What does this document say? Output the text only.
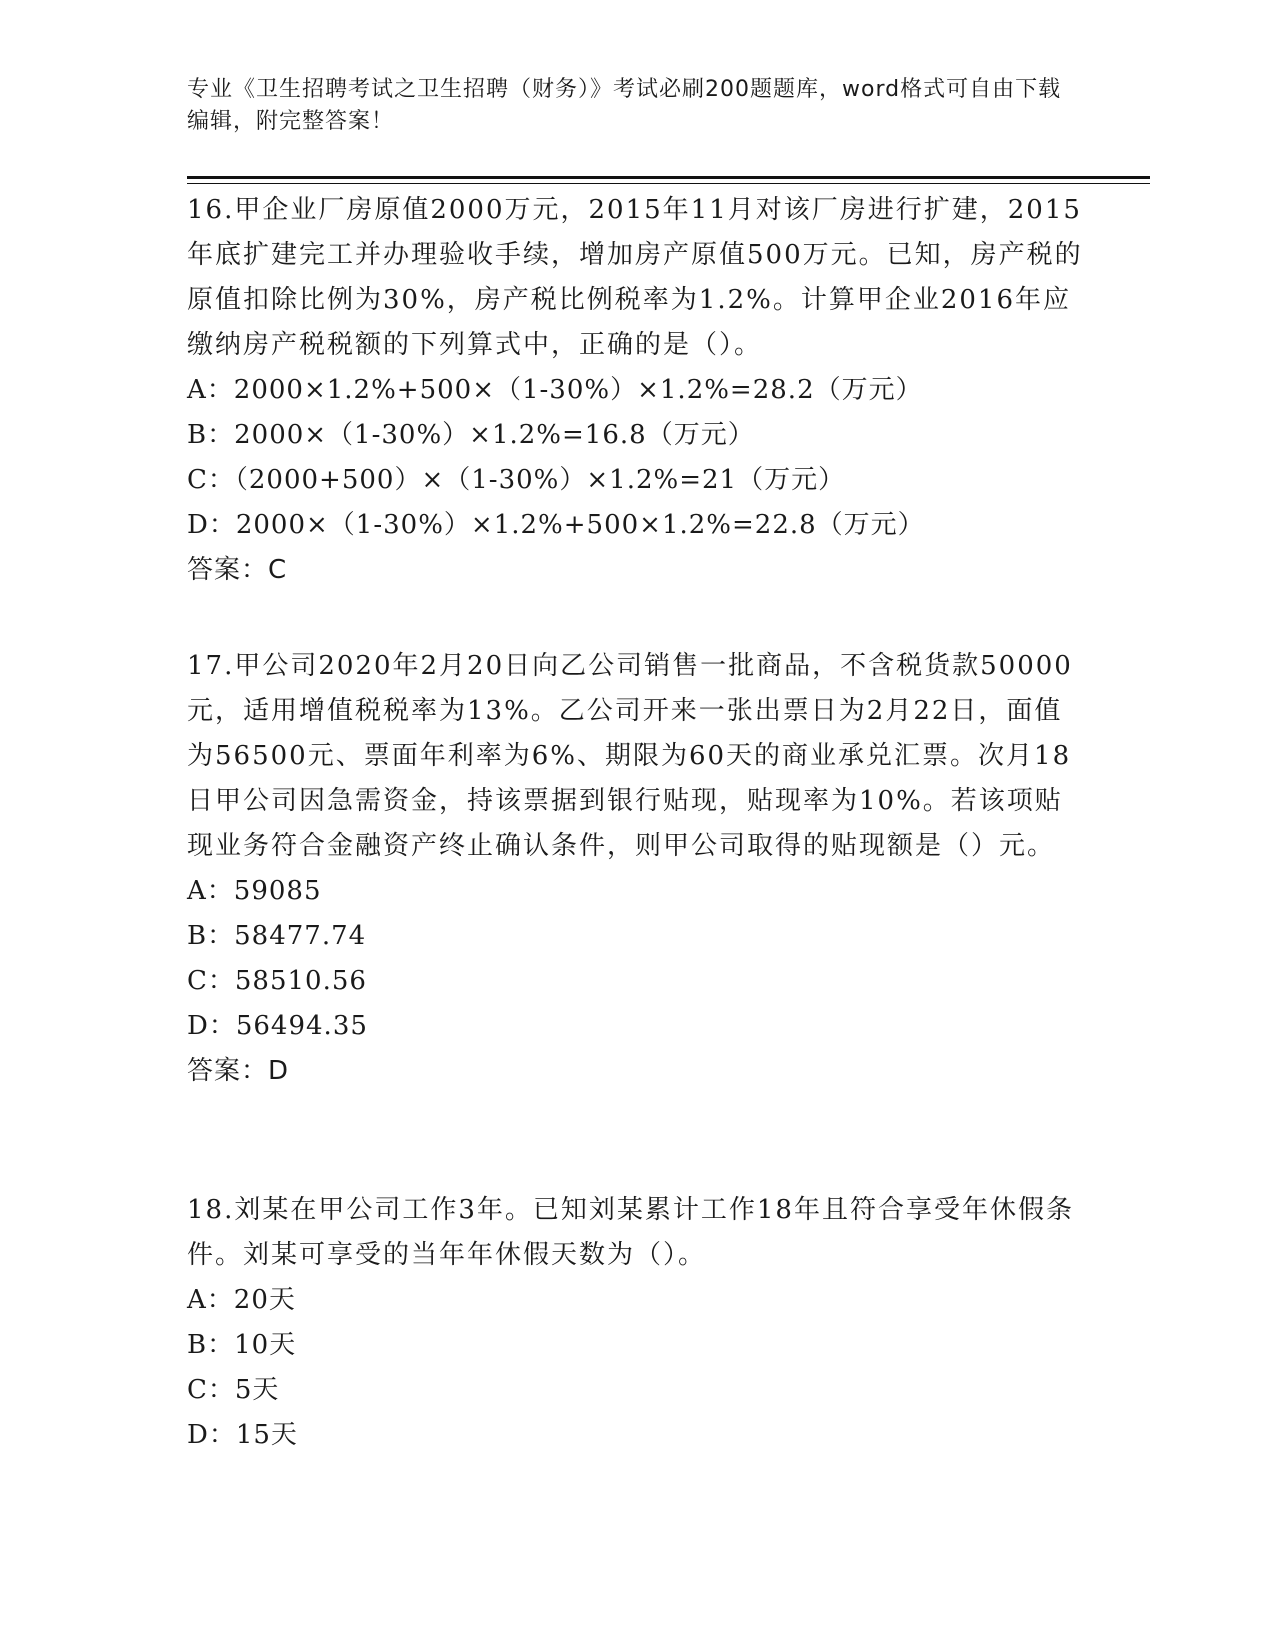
专业《卫生招聘考试之卫生招聘（财务）》考试必刷200题题库，word格式可自由下载编辑，附完整答案！

16.甲企业厂房原值2000万元，2015年11月对该厂房进行扩建，2015年底扩建完工并办理验收手续，增加房产原值500万元。已知，房产税的原值扣除比例为30%，房产税比例税率为1.2%。计算甲企业2016年应缴纳房产税税额的下列算式中，正确的是（）。

A：2000×1.2%+500×（1-30%）×1.2%=28.2（万元）

B：2000×（1-30%）×1.2%=16.8（万元）

C：（2000+500）×（1-30%）×1.2%=21（万元）

D：2000×（1-30%）×1.2%+500×1.2%=22.8（万元）

答案：C

17.甲公司2020年2月20日向乙公司销售一批商品，不含税货款50000元，适用增值税税率为13%。乙公司开来一张出票日为2月22日，面值为56500元、票面年利率为6%、期限为60天的商业承兑汇票。次月18日甲公司因急需资金，持该票据到银行贴现，贴现率为10%。若该项贴现业务符合金融资产终止确认条件，则甲公司取得的贴现额是（）元。

A：59085

B：58477.74

C：58510.56

D：56494.35

答案：D

18.刘某在甲公司工作3年。已知刘某累计工作18年且符合享受年休假条件。刘某可享受的当年年休假天数为（）。

A：20天

B：10天

C：5天

D：15天
